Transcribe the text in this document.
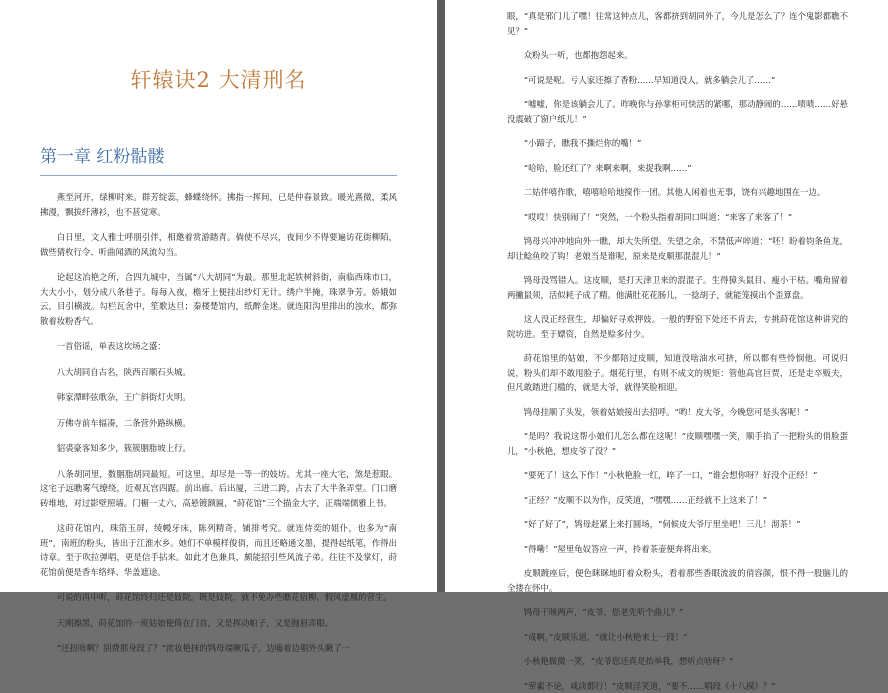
轩辕诀2 大清刑名
第一章 红粉骷髅

燕至河开，绿柳时来。群芳绽蕊，蜂蝶绕怀。拂指一挥间，已是仲春景致。暖光熹微，柔风拂漫，飘拔纤薄衫，也不甚觉寒。

白日里，文人雅士呼朋引伴，相邀着赏游踏青。倘使不尽兴，夜间少不得要遍访花街柳陌，做些猜枚行令、听曲闻酒的风流勾当。

论起这冶艳之所，合四九城中，当属“八大胡同”为最。那里北起铁树斜街，南临西珠市口，大大小小，划分成八条巷子。每每入夜，檐牙上便挂出纱灯无计。绣户半掩，珠翠争芳。娇娥如云，目引横波。勾栏瓦舍中，笙歌达旦；秦楼楚馆内，纸醉金迷。就连阳沟里排出的浊水，都弥散着妆粉香气。

一首俗谣，单表这坎场之盛：

八大胡同自古名，陕西百顺石头城。

韩家潭畔弦歌杂，王广斜街灯火明。

万佛寺前车辐凑，二条营外路纵横。

貂裘豪客知多少，簇簇胭脂坡上行。

八条胡同里，数胭脂胡同最短。可这里，却尽是一等一的妓坊。尤其一座大宅，煞是惹眼。这宅子远瞧雾气缭绕，近观瓦宫四踞。前出廊、后出厦，三进二跨，占去了大半条弄堂。门口磨砖堆地，对过影壁照墙。门楣一丈六，高悬镀额匾，“莳花馆”三个描金大字，正端端儒雅上书。

这莳花馆内，珠箔玉屏，绫幔牙床，陈列精奇，铺排考究。就连侍奕的姐仆，也多为“南班”，南班的粉头，皆出于江淮水乡。她们不单模样俊俏，而且还略通文墨，提得起纸笔，作得出诗章。至于吹拉弹唱，更是信手拈来。如此才色兼具，颇能招引些风流子弟。往往不及掌灯，莳花馆前便是香车络绎、华盖遮途。

可说的再中听，莳花馆终归还是妓院。既是妓院，就不免办些瞧花宿柳，假风虚凰的营生。

天刚擦黑，莳花馆的一班姑娘便倚在门首，又是挥动帕子，又是抛眉弄眼。

“还扭啥啊？别费那身段了？”浓妆艳抹的鸨母端噘瓜子，边嗑着边朝外头瞅了一

眼，“真是邪门儿了嘿！往常这钟点儿，客都挤到胡同外了，今儿是怎么了？连个鬼影都瞧不见？”

众粉头一听，也都抱怨起来。

“可说是呢。亏人家还擦了香粉……早知道没人，就多躺会儿了……”

“嘘嘘，你是该躺会儿了。昨晚你与孙掌柜可快活的紧哪，那动静闹的……啧啧……好悬没震破了窗户纸儿！”

“小蹄子，瞧我不撕烂你的嘴！”

“哈哈，脸还红了？来啊来啊，来捉我啊……”

二姑伴嘻作歌，嘻嘻哈哈地搅作一团。其他人闲着也无事，饶有兴趣地围在一边。

“哎哎！快别闹了！”突然，一个粉头指着胡同口叫道：“来客了来客了！”

鸨母兴冲冲地向外一瞧，却大失所望。失望之余，不禁低声啐道：“呸！盼着钧条鱼龙，却让鲶鱼咬了钩！老娘当是谁呢，原来是皮顺那混混儿！”

鸨母没骂错人。这皮顺，是打天津卫来的混混子。生得獐头鼠目、瘦小干枯。嘴角留着两撇鼠须，活似耗子成了精。他满肚花花肠儿，一捻胡子，就能笼摸出个歪算盘。

这人没正经营生，却偏好寻欢押妓。一般的野窑下处还不肯去，专挑莳花馆这种讲究的院坊进。至于嫖资，自然是赊多付少。

莳花馆里的姑娘，不少都陪过皮顺，知道没啥油水可挤，所以都有些怜悯他。可说归说，粉头们却不敢甩脸子。烟花行里，有则不成文的规矩：管他高官巨贾，还是走卒贩夫，但凡敢踏进门槛的，就是大爷，就得笑脸相迎。

鸨母挂顺了头发，领着姑娘接出去招呼。“哟！皮大爷，今晚您可是头客呢！”

“是吗？我说这帮小娘们儿怎么都在这呢！”皮顺嘿嘿一笑，顺手掐了一把粉头的俏脸蛋儿，“小秋艳，想皮爷了没？”

“要死了！这么下作！”小秋艳脸一红，啐了一口，“谁会想你呀？好没个正经！”

“正经？”皮顺不以为作，反笑道，“嘿嘿……正经就不上这来了！”

“好了好了”，鸨母赶紧上来打圆场，“伺候皮大爷厅里坐吧！三儿！沏茶！”

“得嘞！”屋里龟奴答应一声，拎着茶壶便奔将出来。

皮顺踱座后，便色眯眯地盯着众粉头，看着那些香眼流波的俏容颜，恨不得一股脑儿的全搂在怀中。

鸨母干咳两声，“皮爷，您老先听个曲儿？”

“成啊，”皮顺乐道，“就让小秋艳来上一段！”

小秋艳微微一笑，“皮爷您还真是抬举我，想听点啥呀？”

“荤素不论，咸淡都行！”皮顺淫笑道，“要不……唱段《十八摸》？”
